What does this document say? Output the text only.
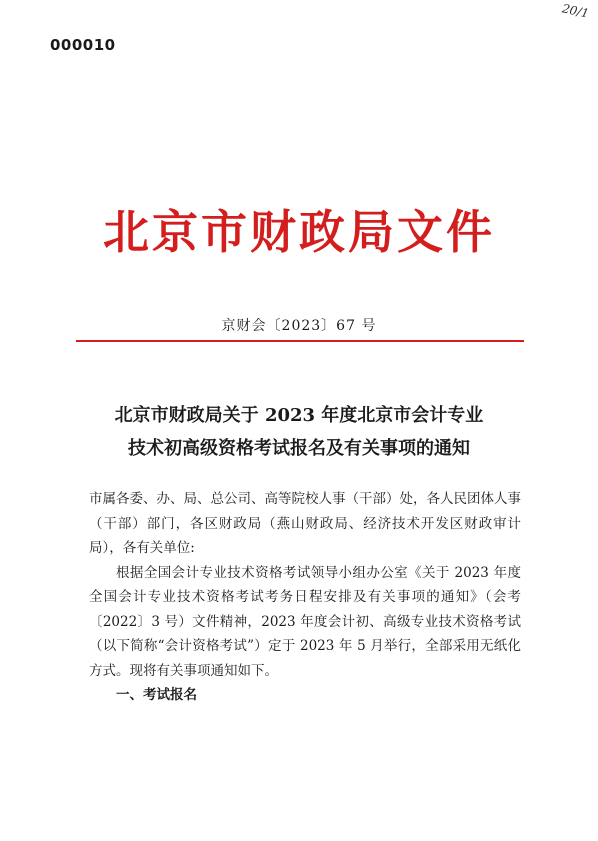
000010
20/1
北京市财政局文件
京财会〔2023〕67 号
北京市财政局关于 2023 年度北京市会计专业
技术初高级资格考试报名及有关事项的通知

市属各委、办、局、总公司、高等院校人事（干部）处，各人民团体人事（干部）部门，各区财政局（燕山财政局、经济技术开发区财政审计局），各有关单位:

根据全国会计专业技术资格考试领导小组办公室《关于 2023 年度全国会计专业技术资格考试考务日程安排及有关事项的通知》（会考〔2022〕3 号）文件精神，2023 年度会计初、高级专业技术资格考试（以下简称“会计资格考试”）定于 2023 年 5 月举行，全部采用无纸化方式。现将有关事项通知如下。

一、考试报名
